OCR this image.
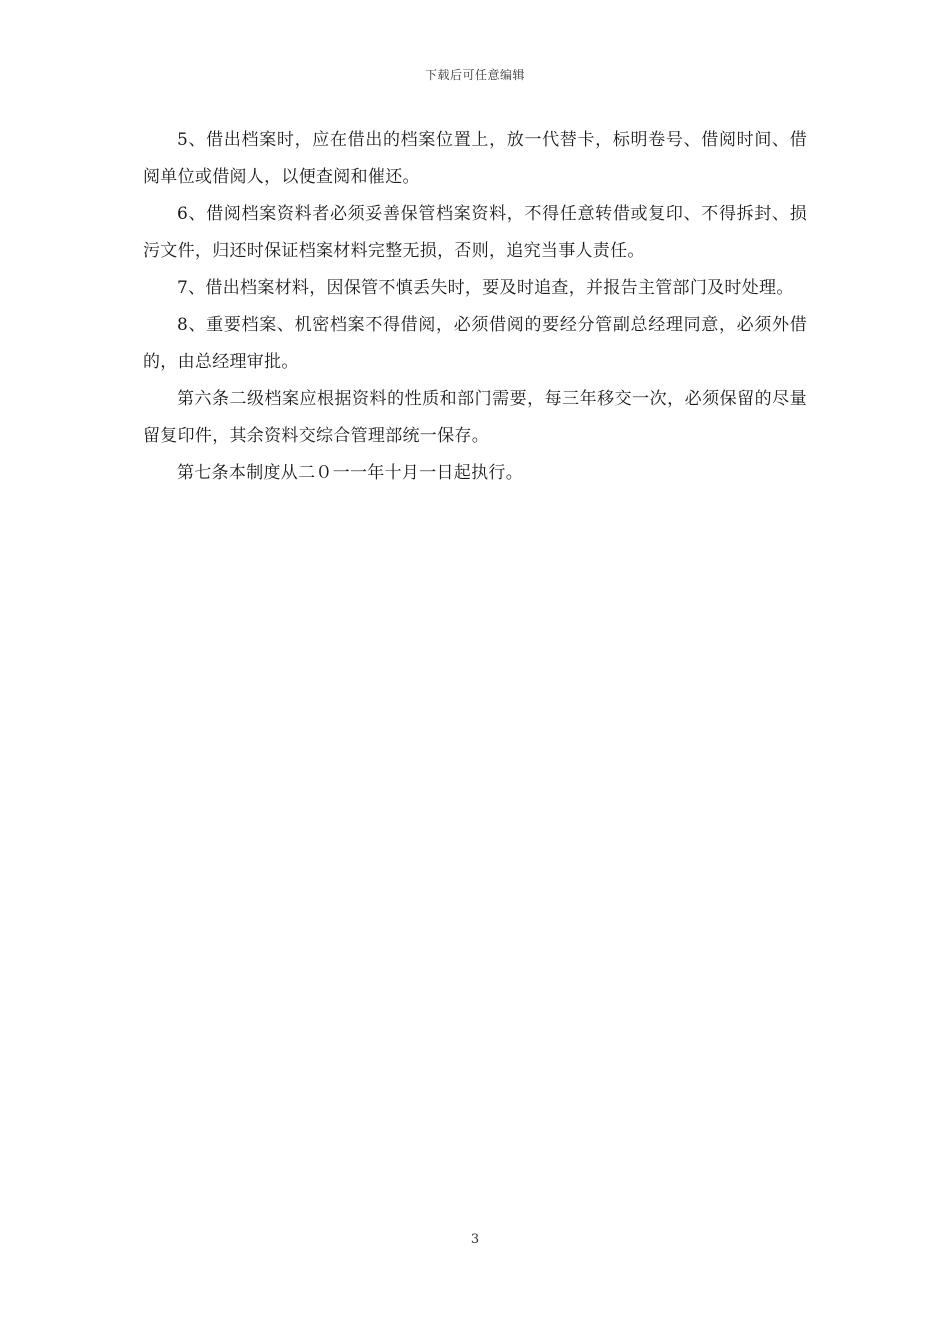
下载后可任意编辑

5、借出档案时，应在借出的档案位置上，放一代替卡，标明卷号、借阅时间、借阅单位或借阅人，以便查阅和催还。

6、借阅档案资料者必须妥善保管档案资料，不得任意转借或复印、不得拆封、损污文件，归还时保证档案材料完整无损，否则，追究当事人责任。

7、借出档案材料，因保管不慎丢失时，要及时追查，并报告主管部门及时处理。

8、重要档案、机密档案不得借阅，必须借阅的要经分管副总经理同意，必须外借的，由总经理审批。

第六条二级档案应根据资料的性质和部门需要，每三年移交一次，必须保留的尽量留复印件，其余资料交综合管理部统一保存。

第七条本制度从二０一一年十月一日起执行。

3
